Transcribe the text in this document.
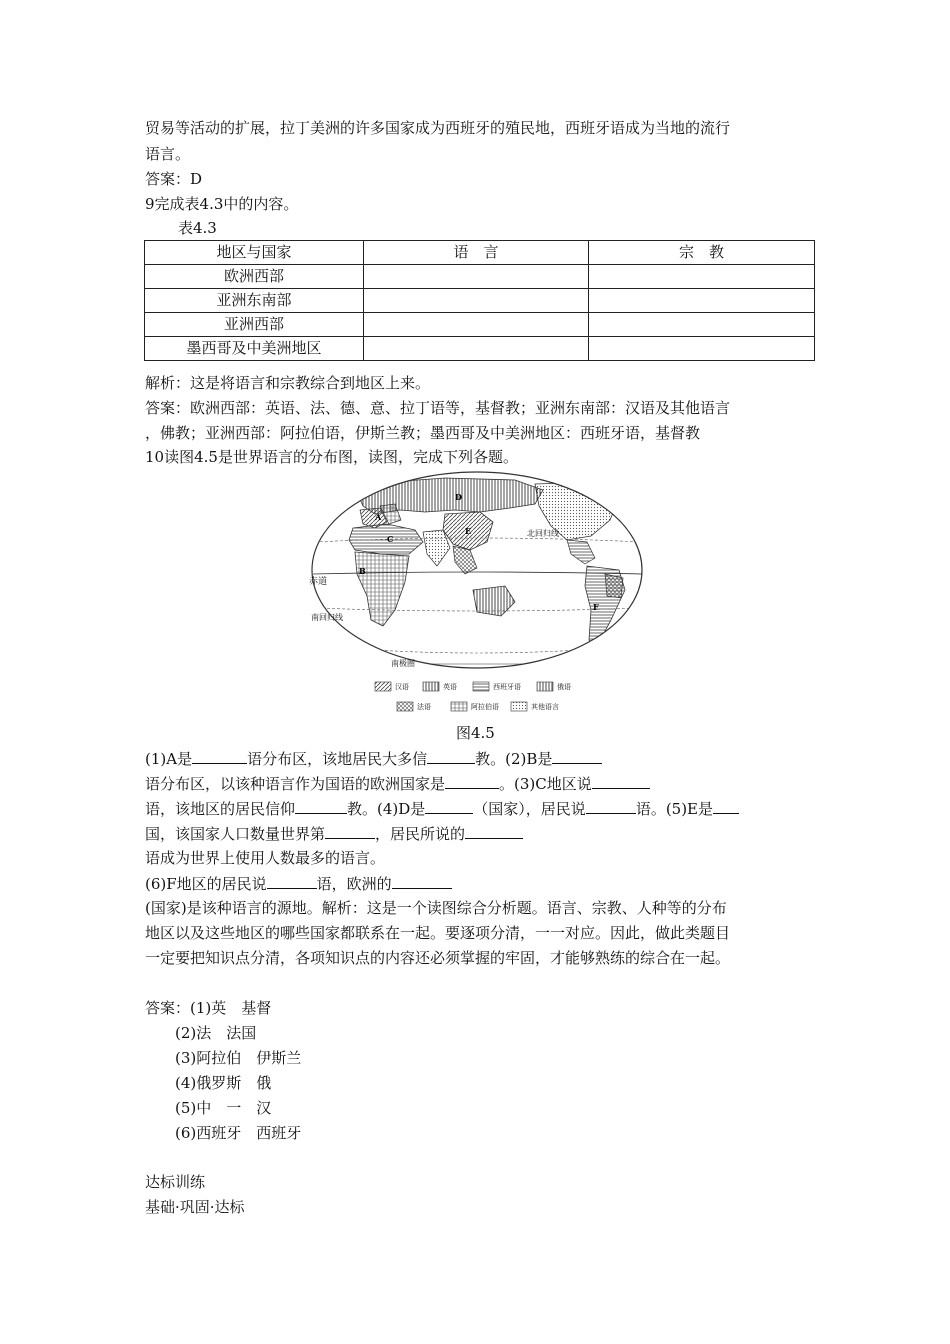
贸易等活动的扩展，拉丁美洲的许多国家成为西班牙的殖民地，西班牙语成为当地的流行
语言。
答案：D
9完成表4.3中的内容。
表4.3
地区与国家	语　言	宗　教
欧洲西部		
亚洲东南部		
亚洲西部		
墨西哥及中美洲地区		
解析：这是将语言和宗教综合到地区上来。
答案：欧洲西部：英语、法、德、意、拉丁语等，基督教；亚洲东南部：汉语及其他语言
，佛教；亚洲西部：阿拉伯语，伊斯兰教；墨西哥及中美洲地区：西班牙语，基督教
10读图4.5是世界语言的分布图，读图，完成下列各题。
北回归线
赤道
南回归线
南极圈
A
B
C
D
E
F
汉语	英语	西班牙语	俄语
法语	阿拉伯语	其他语言
图4.5
(1)A是	语分布区，该地居民大多信	教。(2)B是
语分布区，以该种语言作为国语的欧洲国家是	。(3)C地区说
语，该地区的居民信仰	教。(4)D是	（国家），居民说	语。(5)E是
国，该国家人口数量世界第	，居民所说的
语成为世界上使用人数最多的语言。
(6)F地区的居民说	语，欧洲的
(国家)是该种语言的源地。解析：这是一个读图综合分析题。语言、宗教、人种等的分布
地区以及这些地区的哪些国家都联系在一起。要逐项分清，一一对应。因此，做此类题目
一定要把知识点分清，各项知识点的内容还必须掌握的牢固，才能够熟练的综合在一起。
答案：(1)英　基督
(2)法　法国
(3)阿拉伯　伊斯兰
(4)俄罗斯　俄
(5)中　一　汉
(6)西班牙　西班牙
达标训练
基础·巩固·达标
